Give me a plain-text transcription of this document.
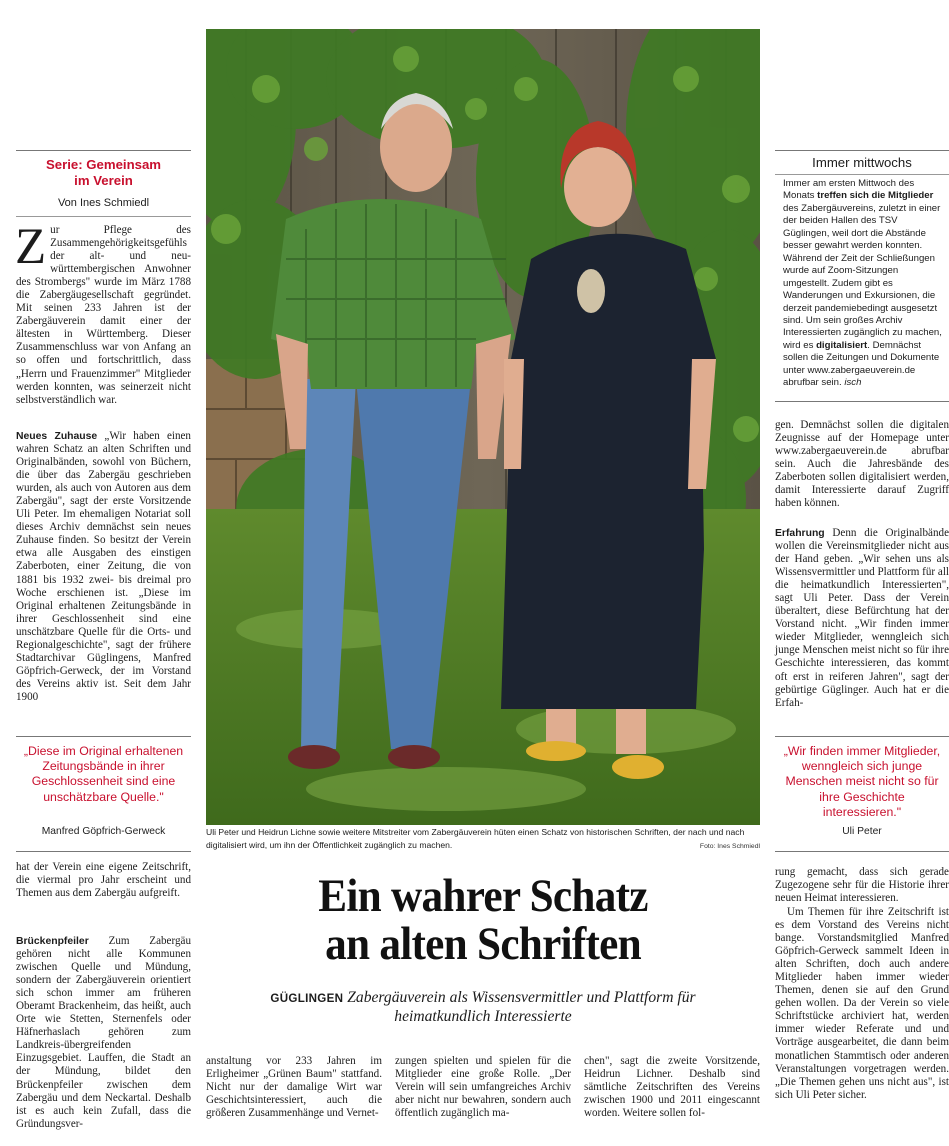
Serie: Gemeinsam
im Verein
Von Ines Schmiedl
Zur Pflege des Zusammengehörigkeitsgefühls der alt- und neu-württembergischen Anwohner des Strombergs" wurde im März 1788 die Zabergäugesellschaft gegründet. Mit seinen 233 Jahren ist der Zabergäuverein damit einer der ältesten in Württemberg. Dieser Zusammenschluss war von Anfang an so offen und fortschrittlich, dass „Herrn und Frauenzimmer" Mitglieder werden konnten, was seinerzeit nicht selbstverständlich war.
Neues Zuhause „Wir haben einen wahren Schatz an alten Schriften und Originalbänden, sowohl von Büchern, die über das Zabergäu geschrieben wurden, als auch von Autoren aus dem Zabergäu", sagt der erste Vorsitzende Uli Peter. Im ehemaligen Notariat soll dieses Archiv demnächst sein neues Zuhause finden. So besitzt der Verein etwa alle Ausgaben des einstigen Zaberboten, einer Zeitung, die von 1881 bis 1932 zwei- bis dreimal pro Woche erschienen ist. „Diese im Original erhaltenen Zeitungsbände in ihrer Geschlossenheit sind eine unschätzbare Quelle für die Orts- und Regionalgeschichte", sagt der frühere Stadtarchivar Güglingens, Manfred Göpfrich-Gerweck, der im Vorstand des Vereins aktiv ist. Seit dem Jahr 1900
„Diese im Original erhaltenen Zeitungsbände in ihrer Geschlossenheit sind eine unschätzbare Quelle."
Manfred Göpfrich-Gerweck
hat der Verein eine eigene Zeitschrift, die viermal pro Jahr erscheint und Themen aus dem Zabergäu aufgreift.
Brückenpfeiler Zum Zabergäu gehören nicht alle Kommunen zwischen Quelle und Mündung, sondern der Zabergäuverein orientiert sich schon immer am früheren Oberamt Brackenheim, das heißt, auch Orte wie Stetten, Sternenfels oder Häfnerhaslach gehören zum Landkreis-übergreifenden Einzugsgebiet. Lauffen, die Stadt an der Mündung, bildet den Brückenpfeiler zwischen dem Zabergäu und dem Neckartal. Deshalb ist es auch kein Zufall, dass die Gründungsver-
Uli Peter und Heidrun Lichne sowie weitere Mitstreiter vom Zabergäuverein hüten einen Schatz von historischen Schriften, der nach und nach digitalisiert wird, um ihn der Öffentlichkeit zugänglich zu machen.	Foto: Ines Schmiedl
Ein wahrer Schatz
an alten Schriften
GÜGLINGEN Zabergäuverein als Wissensvermittler und Plattform für
heimatkundlich Interessierte
anstaltung vor 233 Jahren im Erligheimer „Grünen Baum" stattfand. Nicht nur der damalige Wirt war Geschichtsinteressiert, auch die größeren Zusammenhänge und Vernet-
zungen spielten und spielen für die Mitglieder eine große Rolle. „Der Verein will sein umfangreiches Archiv aber nicht nur bewahren, sondern auch öffentlich zugänglich ma-
chen", sagt die zweite Vorsitzende, Heidrun Lichner. Deshalb sind sämtliche Zeitschriften des Vereins zwischen 1900 und 2011 eingescannt worden. Weitere sollen fol-
Immer mittwochs
Immer am ersten Mittwoch des Monats treffen sich die Mitglieder des Zabergäuvereins, zuletzt in einer der beiden Hallen des TSV Güglingen, weil dort die Abstände besser gewahrt werden konnten. Während der Zeit der Schließungen wurde auf Zoom-Sitzungen umgestellt. Zudem gibt es Wanderungen und Exkursionen, die derzeit pandemiebedingt ausgesetzt sind. Um sein großes Archiv Interessierten zugänglich zu machen, wird es digitalisiert. Demnächst sollen die Zeitungen und Dokumente unter www.zabergaeuverein.de abrufbar sein. isch
gen. Demnächst sollen die digitalen Zeugnisse auf der Homepage unter www.zabergaeuverein.de abrufbar sein. Auch die Jahresbände des Zaberboten sollen digitalisiert werden, damit Interessierte darauf Zugriff haben können.
Erfahrung Denn die Originalbände wollen die Vereinsmitglieder nicht aus der Hand geben. „Wir sehen uns als Wissensvermittler und Plattform für all die heimatkundlich Interessierten", sagt Uli Peter. Dass der Verein überaltert, diese Befürchtung hat der Vorstand nicht. „Wir finden immer wieder Mitglieder, wenngleich sich junge Menschen meist nicht so für ihre Geschichte interessieren, das kommt oft erst in reiferen Jahren", sagt der gebürtige Güglinger. Auch hat er die Erfah-
„Wir finden immer Mitglieder, wenngleich sich junge Menschen meist nicht so für ihre Geschichte interessieren."
Uli Peter
rung gemacht, dass sich gerade Zugezogene sehr für die Historie ihrer neuen Heimat interessieren.
Um Themen für ihre Zeitschrift ist es dem Vorstand des Vereins nicht bange. Vorstandsmitglied Manfred Göpfrich-Gerweck sammelt Ideen in alten Schriften, doch auch andere Mitglieder haben immer wieder Themen, denen sie auf den Grund gehen wollen. Da der Verein so viele Schriftstücke archiviert hat, werden immer wieder Referate und und Vorträge ausgearbeitet, die dann beim monatlichen Stammtisch oder anderen Veranstaltungen vorgetragen werden. „Die Themen gehen uns nicht aus", ist sich Uli Peter sicher.
